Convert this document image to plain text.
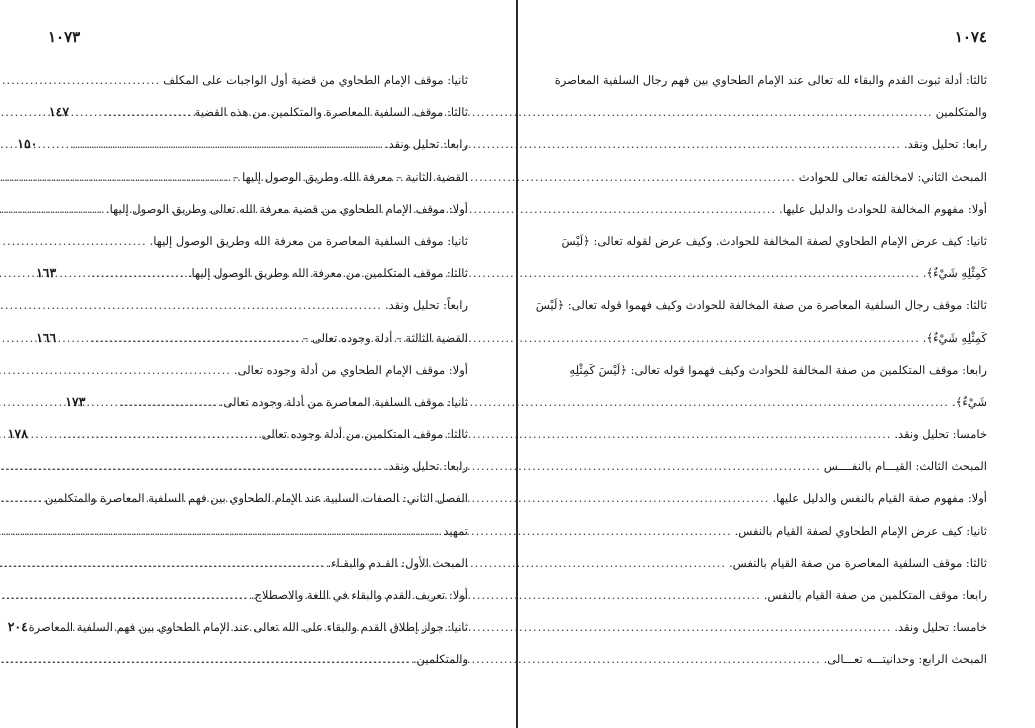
١٠٧٣
ثانيا: موقف الإمام الطحاوي من قضية أول الواجبات على المكلف
.....
ثالثا: موقف السلفية المعاصرة والمتكلمين من هذه القضية
.....
رابعا: تحليل ونقد.
.....
القضية الثانية – معرفة الله وطريق الوصول إليها –
.....
أولا: موقف الإمام الطحاوي من قضية معرفة الله تعالى وطريق الوصول إليها.
.....
ثانيا: موقف السلفية المعاصرة من معرفة الله وطريق الوصول إليها.
.....
ثالثا: موقف المتكلمين من معرفة الله وطريق الوصول إليها.
.....
رابعاً: تحليل ونقد.
.....
القضية الثالثة – أدلة وجوده تعالى –
.....
أولا: موقف الإمام الطحاوي من أدلة وجوده تعالى.
.....
ثانيا: موقف السلفية المعاصرة من أدلة وجوده تعالى.
.....
ثالثا: موقف المتكلمين من أدلة وجوده تعالى
.....
رابعا: تحليل ونقد.
.....
الفصل الثاني: الصفات السلبية عند الإمام الطحاوي بين فهم السلفية المعاصرة والمتكلمين
.....
تمهيد
.....
المبحث الأول: القـدم والبقـاء.
.....
أولا: تعريف القدم والبقاء في اللغة والاصطلاح.
.....
ثانيا: جواز إطلاق القدم والبقاء على الله تعالى عند الإمام الطحاوي بين فهم السلفية المعاصرة
والمتكلمين.
.....
١٠٧٤
ثالثا: أدلة ثبوت القدم والبقاء لله تعالى عند الإمام الطحاوي بين فهم رجال السلفية المعاصرة
والمتكلمين
.....
١٤٧
رابعا: تحليل ونقد.
.....
١٥٠
المبحث الثاني: لامخالفته تعالى للحوادث
.....
أولا: مفهوم المخالفة للحوادث والدليل عليها.
.....
ثانيا: كيف عرض الإمام الطحاوي لصفة المخالفة للحوادث. وكيف عرض لقوله تعالى: ﴿لَيْسَ
كَمِثْلِهِ شَيْءٌ﴾.
.....
١٦٣
ثالثا: موقف رجال السلفية المعاصرة من صفة المخالفة للحوادث وكيف فهموا قوله تعالى: ﴿لَيْسَ
كَمِثْلِهِ شَيْءٌ﴾.
.....
١٦٦
رابعا: موقف المتكلمين من صفة المخالفة للحوادث وكيف فهموا قوله تعالى: ﴿لَيْسَ كَمِثْلِهِ
شَيْءٌ﴾.
.....
١٧٣
خامسا: تحليل ونقد.
.....
١٧٨
المبحث الثالث: القيـــام بالنفــــس
.....
أولا: مفهوم صفة القيام بالنفس والدليل عليها.
.....
ثانيا: كيف عرض الإمام الطحاوي لصفة القيام بالنفس.
.....
ثالثا: موقف السلفية المعاصرة من صفة القيام بالنفس.
.....
رابعا: موقف المتكلمين من صفة القيام بالنفس.
.....
خامسا: تحليل ونقد.
.....
٢٠٤
المبحث الرابع: وحدانيتـــه تعـــالى.
.....
